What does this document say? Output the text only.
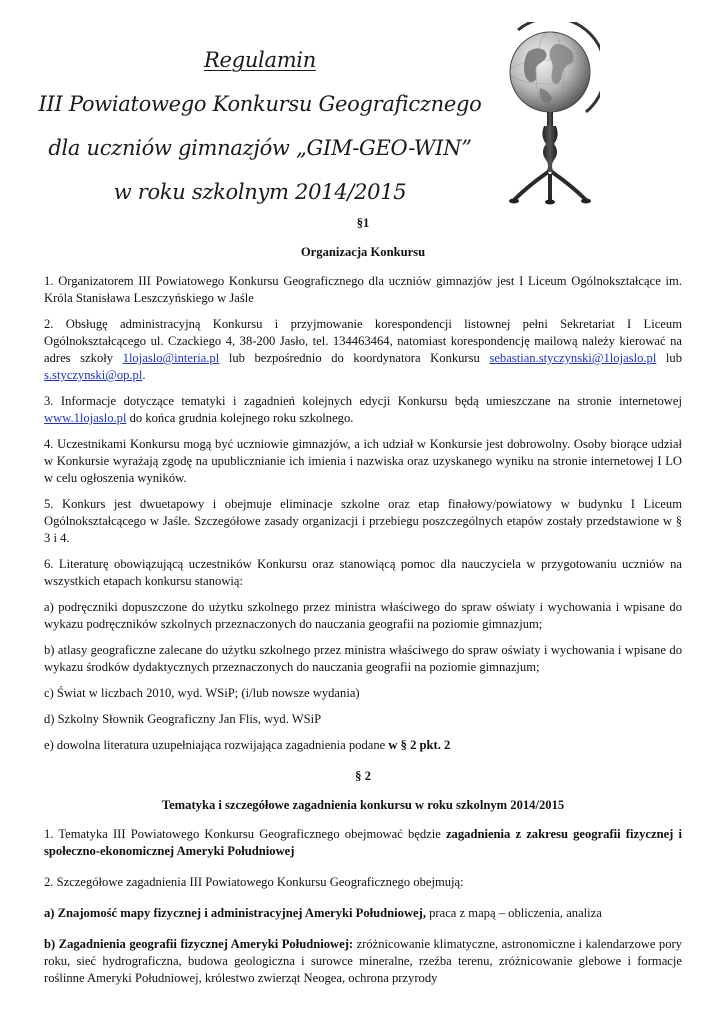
Regulamin
III Powiatowego Konkursu Geograficznego
dla uczniów gimnazjów „GIM-GEO-WIN”
w roku szkolnym 2014/2015
§1
Organizacja Konkursu

1. Organizatorem III Powiatowego Konkursu Geograficznego dla uczniów gimnazjów jest I Liceum Ogólnokształcące im. Króla Stanisława Leszczyńskiego w Jaśle

2. Obsługę administracyjną Konkursu i przyjmowanie korespondencji listownej pełni Sekretariat I Liceum Ogólnokształcącego ul. Czackiego 4, 38-200 Jasło, tel. 134463464, natomiast korespondencję mailową należy kierować na adres szkoły 1lojaslo@interia.pl lub bezpośrednio do koordynatora Konkursu sebastian.styczynski@1lojaslo.pl lub s.styczynski@op.pl.

3. Informacje dotyczące tematyki i zagadnień kolejnych edycji Konkursu będą umieszczane na stronie internetowej www.1lojaslo.pl do końca grudnia kolejnego roku szkolnego.

4. Uczestnikami Konkursu mogą być uczniowie gimnazjów, a ich udział w Konkursie jest dobrowolny. Osoby biorące udział w Konkursie wyrażają zgodę na upublicznianie ich imienia i nazwiska oraz uzyskanego wyniku na stronie internetowej I LO w celu ogłoszenia wyników.

5. Konkurs jest dwuetapowy i obejmuje eliminacje szkolne oraz etap finałowy/powiatowy w budynku I Liceum Ogólnokształcącego w Jaśle. Szczegółowe zasady organizacji i przebiegu poszczególnych etapów zostały przedstawione w § 3 i 4.

6. Literaturę obowiązującą uczestników Konkursu oraz stanowiącą pomoc dla nauczyciela w przygotowaniu uczniów na wszystkich etapach konkursu stanowią:

a) podręczniki dopuszczone do użytku szkolnego przez ministra właściwego do spraw oświaty i wychowania i wpisane do wykazu podręczników szkolnych przeznaczonych do nauczania geografii na poziomie gimnazjum;

b) atlasy geograficzne zalecane do użytku szkolnego przez ministra właściwego do spraw oświaty i wychowania i wpisane do wykazu środków dydaktycznych przeznaczonych do nauczania geografii na poziomie gimnazjum;

c) Świat w liczbach 2010, wyd. WSiP; (i/lub nowsze wydania)

d) Szkolny Słownik Geograficzny Jan Flis, wyd. WSiP

e) dowolna literatura uzupełniająca rozwijająca zagadnienia podane w § 2 pkt. 2

§ 2
Tematyka i szczegółowe zagadnienia konkursu w roku szkolnym 2014/2015

1. Tematyka III Powiatowego Konkursu Geograficznego obejmować będzie zagadnienia z zakresu geografii fizycznej i społeczno-ekonomicznej Ameryki Południowej

2. Szczegółowe zagadnienia III Powiatowego Konkursu Geograficznego obejmują:

a) Znajomość mapy fizycznej i administracyjnej Ameryki Południowej, praca z mapą – obliczenia, analiza

b) Zagadnienia geografii fizycznej Ameryki Południowej: zróżnicowanie klimatyczne, astronomiczne i kalendarzowe pory roku, sieć hydrograficzna, budowa geologiczna i surowce mineralne, rzeźba terenu, zróżnicowanie glebowe i formacje roślinne Ameryki Południowej, królestwo zwierząt Neogea, ochrona przyrody
